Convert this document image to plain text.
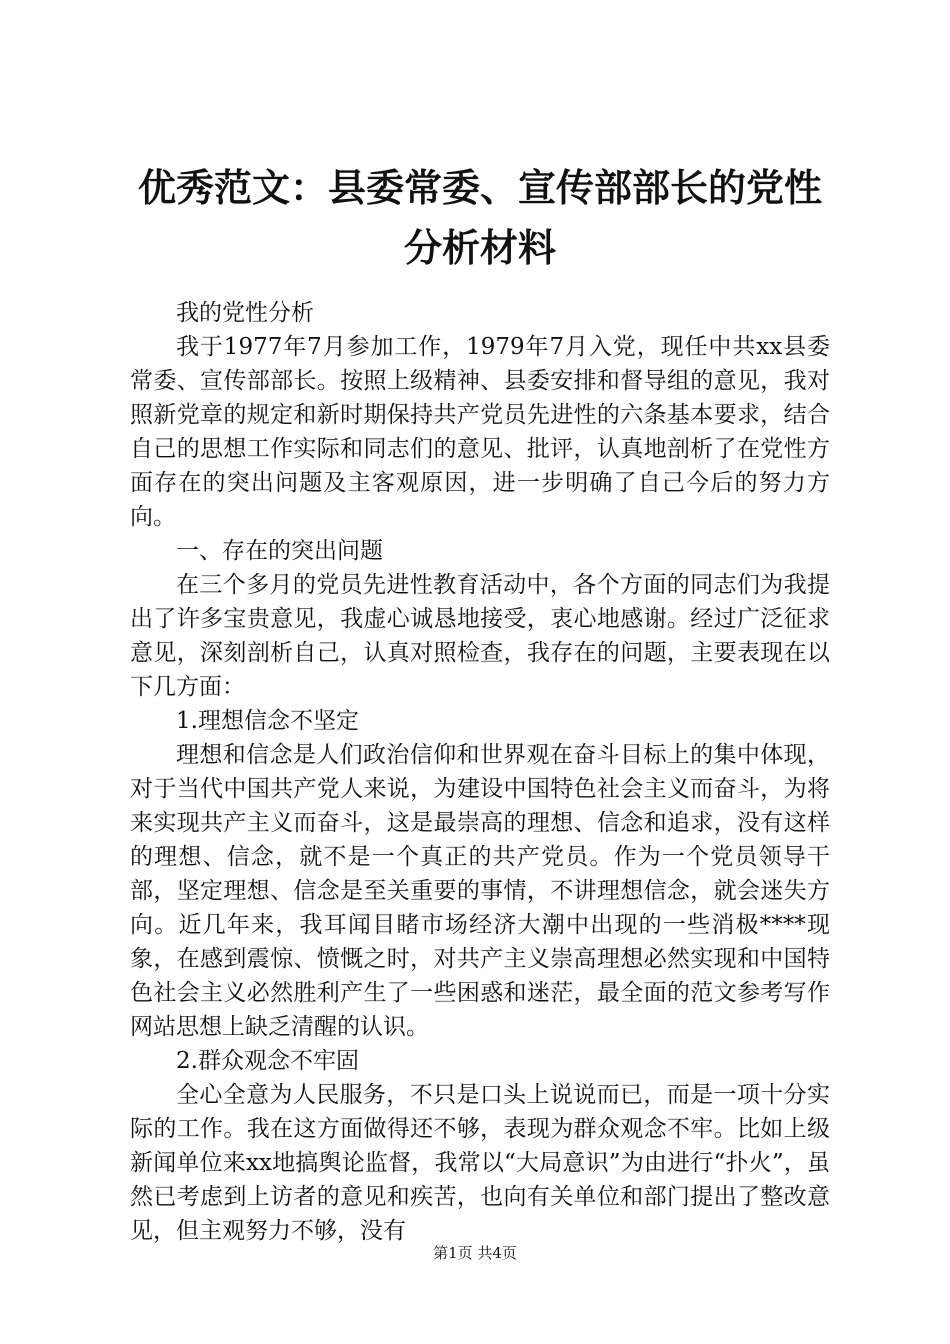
优秀范文：县委常委、宣传部部长的党性分析材料

我的党性分析

我于1977年7月参加工作，1979年7月入党，现任中共xx县委常委、宣传部部长。按照上级精神、县委安排和督导组的意见，我对照新党章的规定和新时期保持共产党员先进性的六条基本要求，结合自己的思想工作实际和同志们的意见、批评，认真地剖析了在党性方面存在的突出问题及主客观原因，进一步明确了自己今后的努力方向。

一、存在的突出问题

在三个多月的党员先进性教育活动中，各个方面的同志们为我提出了许多宝贵意见，我虚心诚恳地接受，衷心地感谢。经过广泛征求意见，深刻剖析自己，认真对照检查，我存在的问题，主要表现在以下几方面：

1.理想信念不坚定

理想和信念是人们政治信仰和世界观在奋斗目标上的集中体现，对于当代中国共产党人来说，为建设中国特色社会主义而奋斗，为将来实现共产主义而奋斗，这是最崇高的理想、信念和追求，没有这样的理想、信念，就不是一个真正的共产党员。作为一个党员领导干部，坚定理想、信念是至关重要的事情，不讲理想信念，就会迷失方向。近几年来，我耳闻目睹市场经济大潮中出现的一些消极****现象，在感到震惊、愤慨之时，对共产主义崇高理想必然实现和中国特色社会主义必然胜利产生了一些困惑和迷茫，最全面的范文参考写作网站思想上缺乏清醒的认识。

2.群众观念不牢固

全心全意为人民服务，不只是口头上说说而已，而是一项十分实际的工作。我在这方面做得还不够，表现为群众观念不牢。比如上级新闻单位来xx地搞舆论监督，我常以“大局意识”为由进行“扑火”，虽然已考虑到上访者的意见和疾苦，也向有关单位和部门提出了整改意见，但主观努力不够，没有

第1页 共4页
